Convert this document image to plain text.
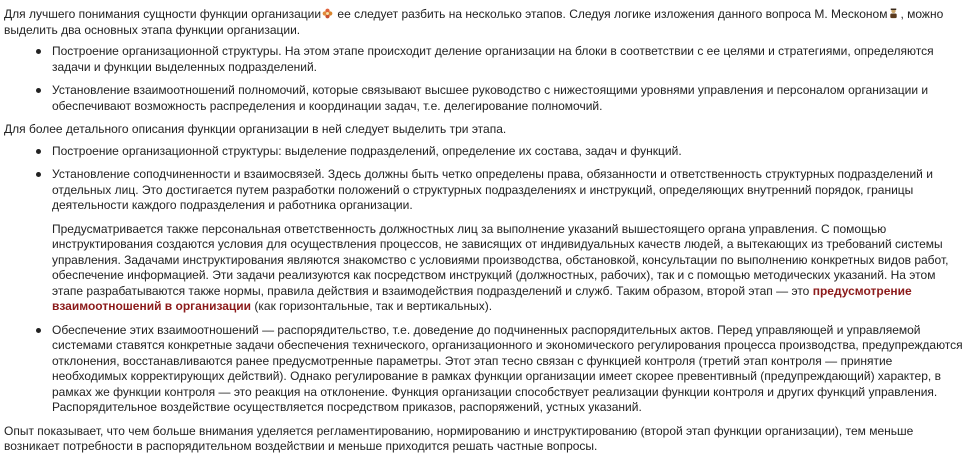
Для лучшего понимания сущности функции организации ее следует разбить на несколько этапов. Следуя логике изложения данного вопроса М. Месконом , можно выделить два основных этапа функции организации.

Построение организационной структуры. На этом этапе происходит деление организации на блоки в соответствии с ее целями и стратегиями, определяются задачи и функции выделенных подразделений.
Установление взаимоотношений полномочий, которые связывают высшее руководство с нижестоящими уровнями управления и персоналом организации и обеспечивают возможность распределения и координации задач, т.е. делегирование полномочий.

Для более детального описания функции организации в ней следует выделить три этапа.

Построение организационной структуры: выделение подразделений, определение их состава, задач и функций.
Установление соподчиненности и взаимосвязей. Здесь должны быть четко определены права, обязанности и ответственность структурных подразделений и отдельных лиц. Это достигается путем разработки положений о структурных подразделениях и инструкций, определяющих внутренний порядок, границы деятельности каждого подразделения и работника организации.
Предусматривается также персональная ответственность должностных лиц за выполнение указаний вышестоящего органа управления. С помощью инструктирования создаются условия для осуществления процессов, не зависящих от индивидуальных качеств людей, а вытекающих из требований системы управления. Задачами инструктирования являются знакомство с условиями производства, обстановкой, консультации по выполнению конкретных видов работ, обеспечение информацией. Эти задачи реализуются как посредством инструкций (должностных, рабочих), так и с помощью методических указаний. На этом этапе разрабатываются также нормы, правила действия и взаимодействия подразделений и служб. Таким образом, второй этап — это предусмотрение взаимоотношений в организации (как горизонтальные, так и вертикальных).
Обеспечение этих взаимоотношений — распорядительство, т.е. доведение до подчиненных распорядительных актов. Перед управляющей и управляемой системами ставятся конкретные задачи обеспечения технического, организационного и экономического регулирования процесса производства, предупреждаются отклонения, восстанавливаются ранее предусмотренные параметры. Этот этап тесно связан с функцией контроля (третий этап контроля — принятие необходимых корректирующих действий). Однако регулирование в рамках функции организации имеет скорее превентивный (предупреждающий) характер, в рамках же функции контроля — это реакция на отклонение. Функция организации способствует реализации функции контроля и других функций управления. Распорядительное воздействие осуществляется посредством приказов, распоряжений, устных указаний.

Опыт показывает, что чем больше внимания уделяется регламентированию, нормированию и инструктированию (второй этап функции организации), тем меньше возникает потребности в распорядительном воздействии и меньше приходится решать частные вопросы.
